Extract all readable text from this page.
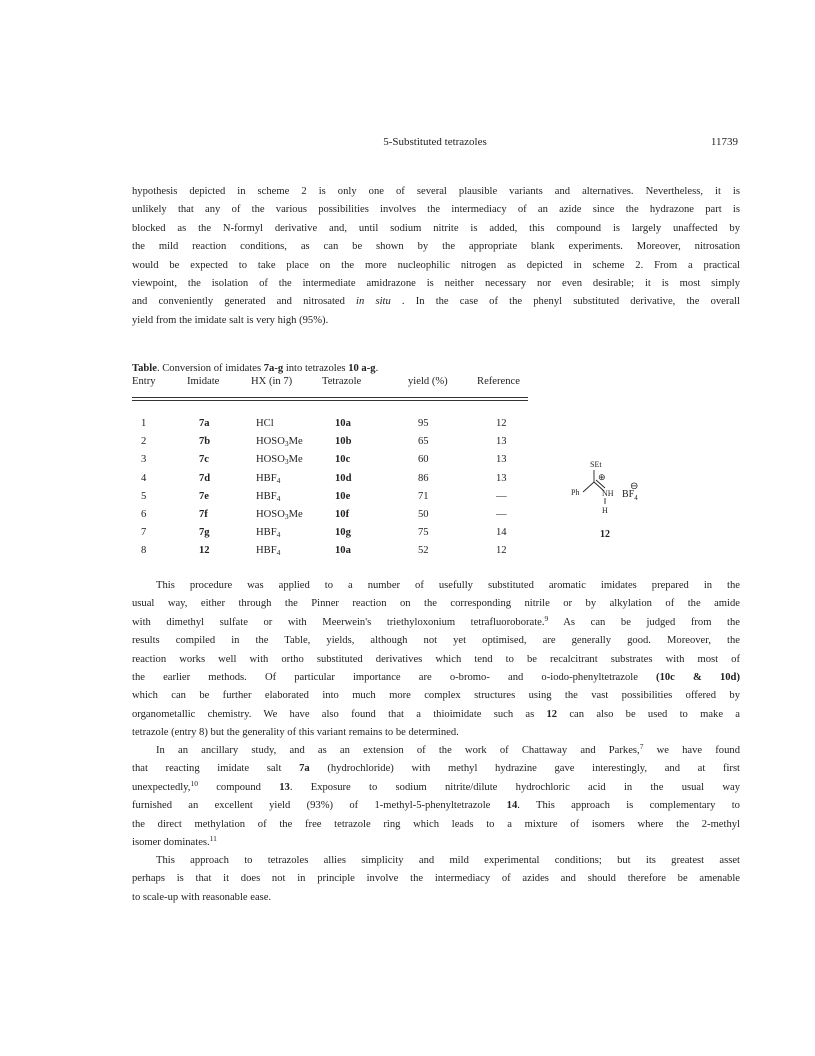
5-Substituted tetrazoles	11739

hypothesis depicted in scheme 2 is only one of several plausible variants and alternatives. Nevertheless, it is
unlikely that any of the various possibilities involves the intermediacy of an azide since the hydrazone part is
blocked as the N-formyl derivative and, until sodium nitrite is added, this compound is largely unaffected by
the mild reaction conditions, as can be shown by the appropriate blank experiments. Moreover, nitrosation
would be expected to take place on the more nucleophilic nitrogen as depicted in scheme 2. From a practical
viewpoint, the isolation of the intermediate amidrazone is neither necessary nor even desirable; it is most simply
and conveniently generated and nitrosated in situ . In the case of the phenyl substituted derivative, the overall
yield from the imidate salt is very high (95%).

Table. Conversion of imidates 7a-g into tetrazoles 10 a-g.
Entry	Imidate	HX (in 7)	Tetrazole	yield (%)	Reference
1	7a	HCl	10a	95	12
2	7b	$HOSO_3Me$	10b	65	13
3	7c	$HOSO_3Me$	10c	60	13
4	7d	$HBF_4$	10d	86	13
5	7e	$HBF_4$	10e	71	—
6	7f	$HOSO_3Me$	10f	50	—
7	7g	$HBF_4$	10g	75	14
8	12	$HBF_4$	10a	52	12
SEt
⊕
Ph	NH
H
⊖
$BF_4$
12

This procedure was applied to a number of usefully substituted aromatic imidates prepared in the
usual way, either through the Pinner reaction on the corresponding nitrile or by alkylation of the amide
with dimethyl sulfate or with Meerwein's triethyloxonium tetrafluoroborate.$^9$ As can be judged from the
results compiled in the Table, yields, although not yet optimised, are generally good. Moreover, the
reaction works well with ortho substituted derivatives which tend to be recalcitrant substrates with most of
the earlier methods. Of particular importance are o-bromo- and o-iodo-phenyltetrazole (10c & 10d)
which can be further elaborated into much more complex structures using the vast possibilities offered by
organometallic chemistry. We have also found that a thioimidate such as 12 can also be used to make a
tetrazole (entry 8) but the generality of this variant remains to be determined.

In an ancillary study, and as an extension of the work of Chattaway and Parkes,$^7$ we have found
that reacting imidate salt 7a (hydrochloride) with methyl hydrazine gave interestingly, and at first
unexpectedly,$^{10}$ compound 13. Exposure to sodium nitrite/dilute hydrochloric acid in the usual way
furnished an excellent yield (93%) of 1-methyl-5-phenyltetrazole 14. This approach is complementary to
the direct methylation of the free tetrazole ring which leads to a mixture of isomers where the 2-methyl
isomer dominates.$^{11}$

This approach to tetrazoles allies simplicity and mild experimental conditions; but its greatest asset
perhaps is that it does not in principle involve the intermediacy of azides and should therefore be amenable
to scale-up with reasonable ease.
